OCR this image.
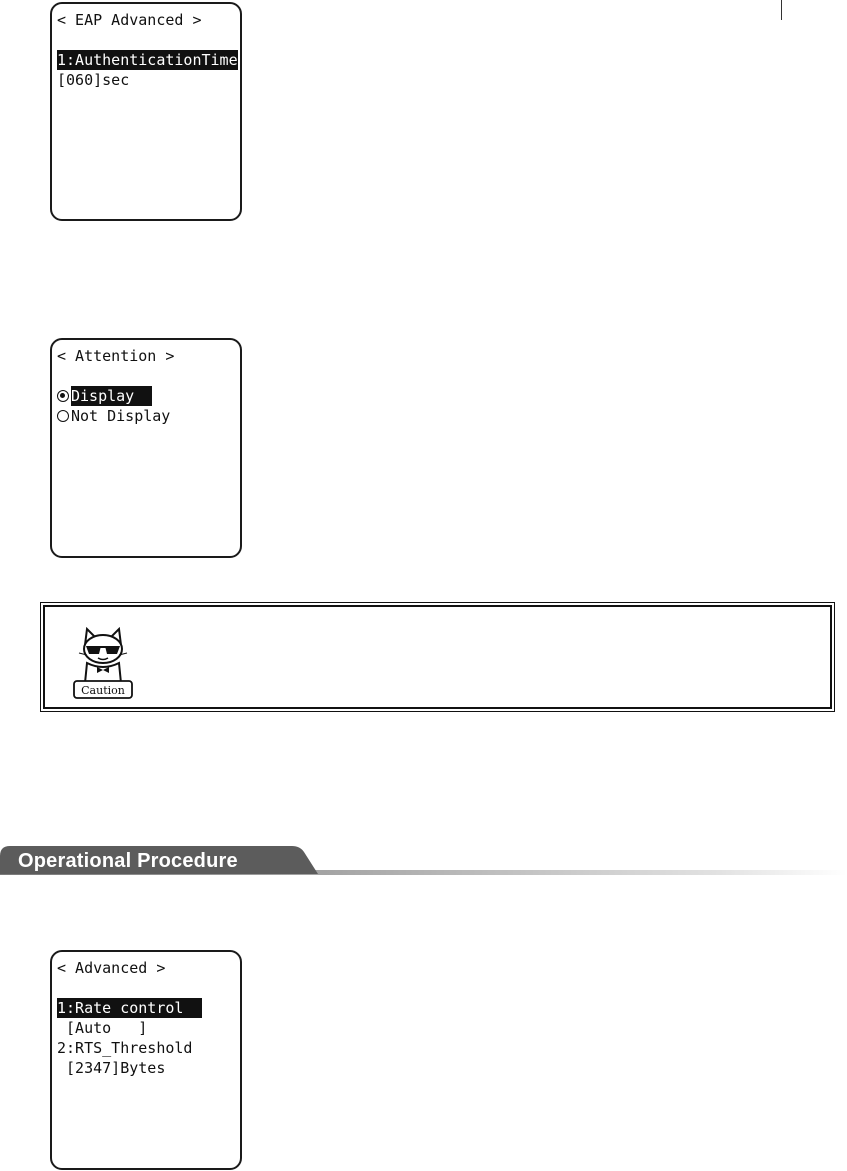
< EAP Advanced >
1:AuthenticationTime
[060]sec
< Attention >
Display

Not Display
Caution
Operational Procedure
< Advanced >
1:Rate control

[Auto   ]
2:RTS_Threshold
[2347]Bytes
